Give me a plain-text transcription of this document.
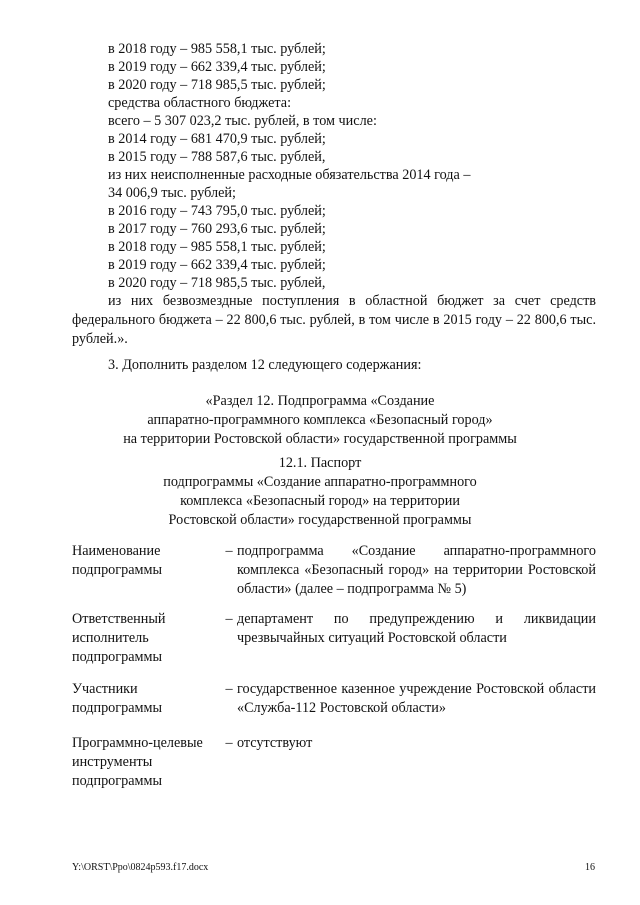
в 2018 году – 985 558,1 тыс. рублей;
в 2019 году – 662 339,4 тыс. рублей;
в 2020 году – 718 985,5 тыс. рублей;
средства областного бюджета:
всего – 5 307 023,2 тыс. рублей, в том числе:
в 2014 году – 681 470,9 тыс. рублей;
в 2015 году – 788 587,6 тыс. рублей,
из них неисполненные расходные обязательства 2014 года –
34 006,9 тыс. рублей;
в 2016 году – 743 795,0 тыс. рублей;
в 2017 году – 760 293,6 тыс. рублей;
в 2018 году – 985 558,1 тыс. рублей;
в 2019 году – 662 339,4 тыс. рублей;
в 2020 году – 718 985,5 тыс. рублей,
из них безвозмездные поступления в областной бюджет за счет средств федерального бюджета – 22 800,6 тыс. рублей, в том числе в 2015 году – 22 800,6 тыс. рублей.».
3. Дополнить разделом 12 следующего содержания:
«Раздел 12. Подпрограмма «Создание
аппаратно-программного комплекса «Безопасный город»
на территории Ростовской области» государственной программы
12.1. Паспорт
подпрограммы «Создание аппаратно-программного
комплекса «Безопасный город» на территории
Ростовской области» государственной программы
Наименование подпрограммы
– подпрограмма «Создание аппаратно-программного комплекса «Безопасный город» на территории Ростовской области» (далее – подпрограмма № 5)
Ответственный исполнитель подпрограммы
– департамент по предупреждению и ликвидации чрезвычайных ситуаций Ростовской области
Участники подпрограммы
– государственное казенное учреждение Ростовской области «Служба-112 Ростовской области»
Программно-целевые инструменты подпрограммы
– отсутствуют
Y:\ORST\Ppo\0824p593.f17.docx	16
